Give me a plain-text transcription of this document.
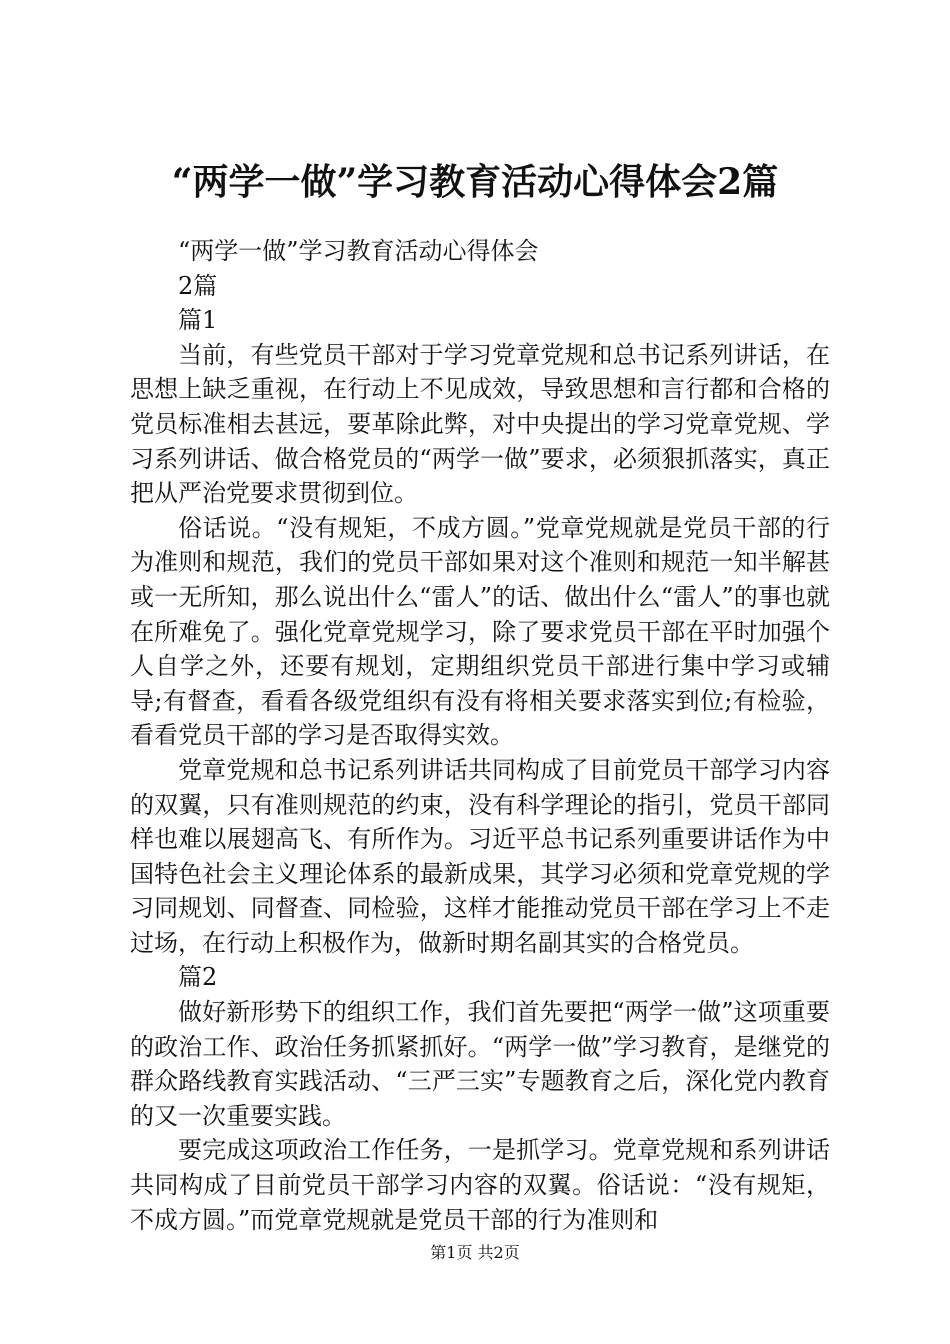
“两学一做”学习教育活动心得体会2篇

“两学一做”学习教育活动心得体会

2篇

篇1

当前，有些党员干部对于学习党章党规和总书记系列讲话，在思想上缺乏重视，在行动上不见成效，导致思想和言行都和合格的党员标准相去甚远，要革除此弊，对中央提出的学习党章党规、学习系列讲话、做合格党员的“两学一做”要求，必须狠抓落实，真正把从严治党要求贯彻到位。

俗话说。“没有规矩，不成方圆。”党章党规就是党员干部的行为准则和规范，我们的党员干部如果对这个准则和规范一知半解甚或一无所知，那么说出什么“雷人”的话、做出什么“雷人”的事也就在所难免了。强化党章党规学习，除了要求党员干部在平时加强个人自学之外，还要有规划，定期组织党员干部进行集中学习或辅导;有督查，看看各级党组织有没有将相关要求落实到位;有检验，看看党员干部的学习是否取得实效。

党章党规和总书记系列讲话共同构成了目前党员干部学习内容的双翼，只有准则规范的约束，没有科学理论的指引，党员干部同样也难以展翅高飞、有所作为。习近平总书记系列重要讲话作为中国特色社会主义理论体系的最新成果，其学习必须和党章党规的学习同规划、同督查、同检验，这样才能推动党员干部在学习上不走过场，在行动上积极作为，做新时期名副其实的合格党员。

篇2

做好新形势下的组织工作，我们首先要把“两学一做”这项重要的政治工作、政治任务抓紧抓好。“两学一做”学习教育，是继党的群众路线教育实践活动、“三严三实”专题教育之后，深化党内教育的又一次重要实践。

要完成这项政治工作任务，一是抓学习。党章党规和系列讲话共同构成了目前党员干部学习内容的双翼。俗话说：“没有规矩，不成方圆。”而党章党规就是党员干部的行为准则和

第1页 共2页
